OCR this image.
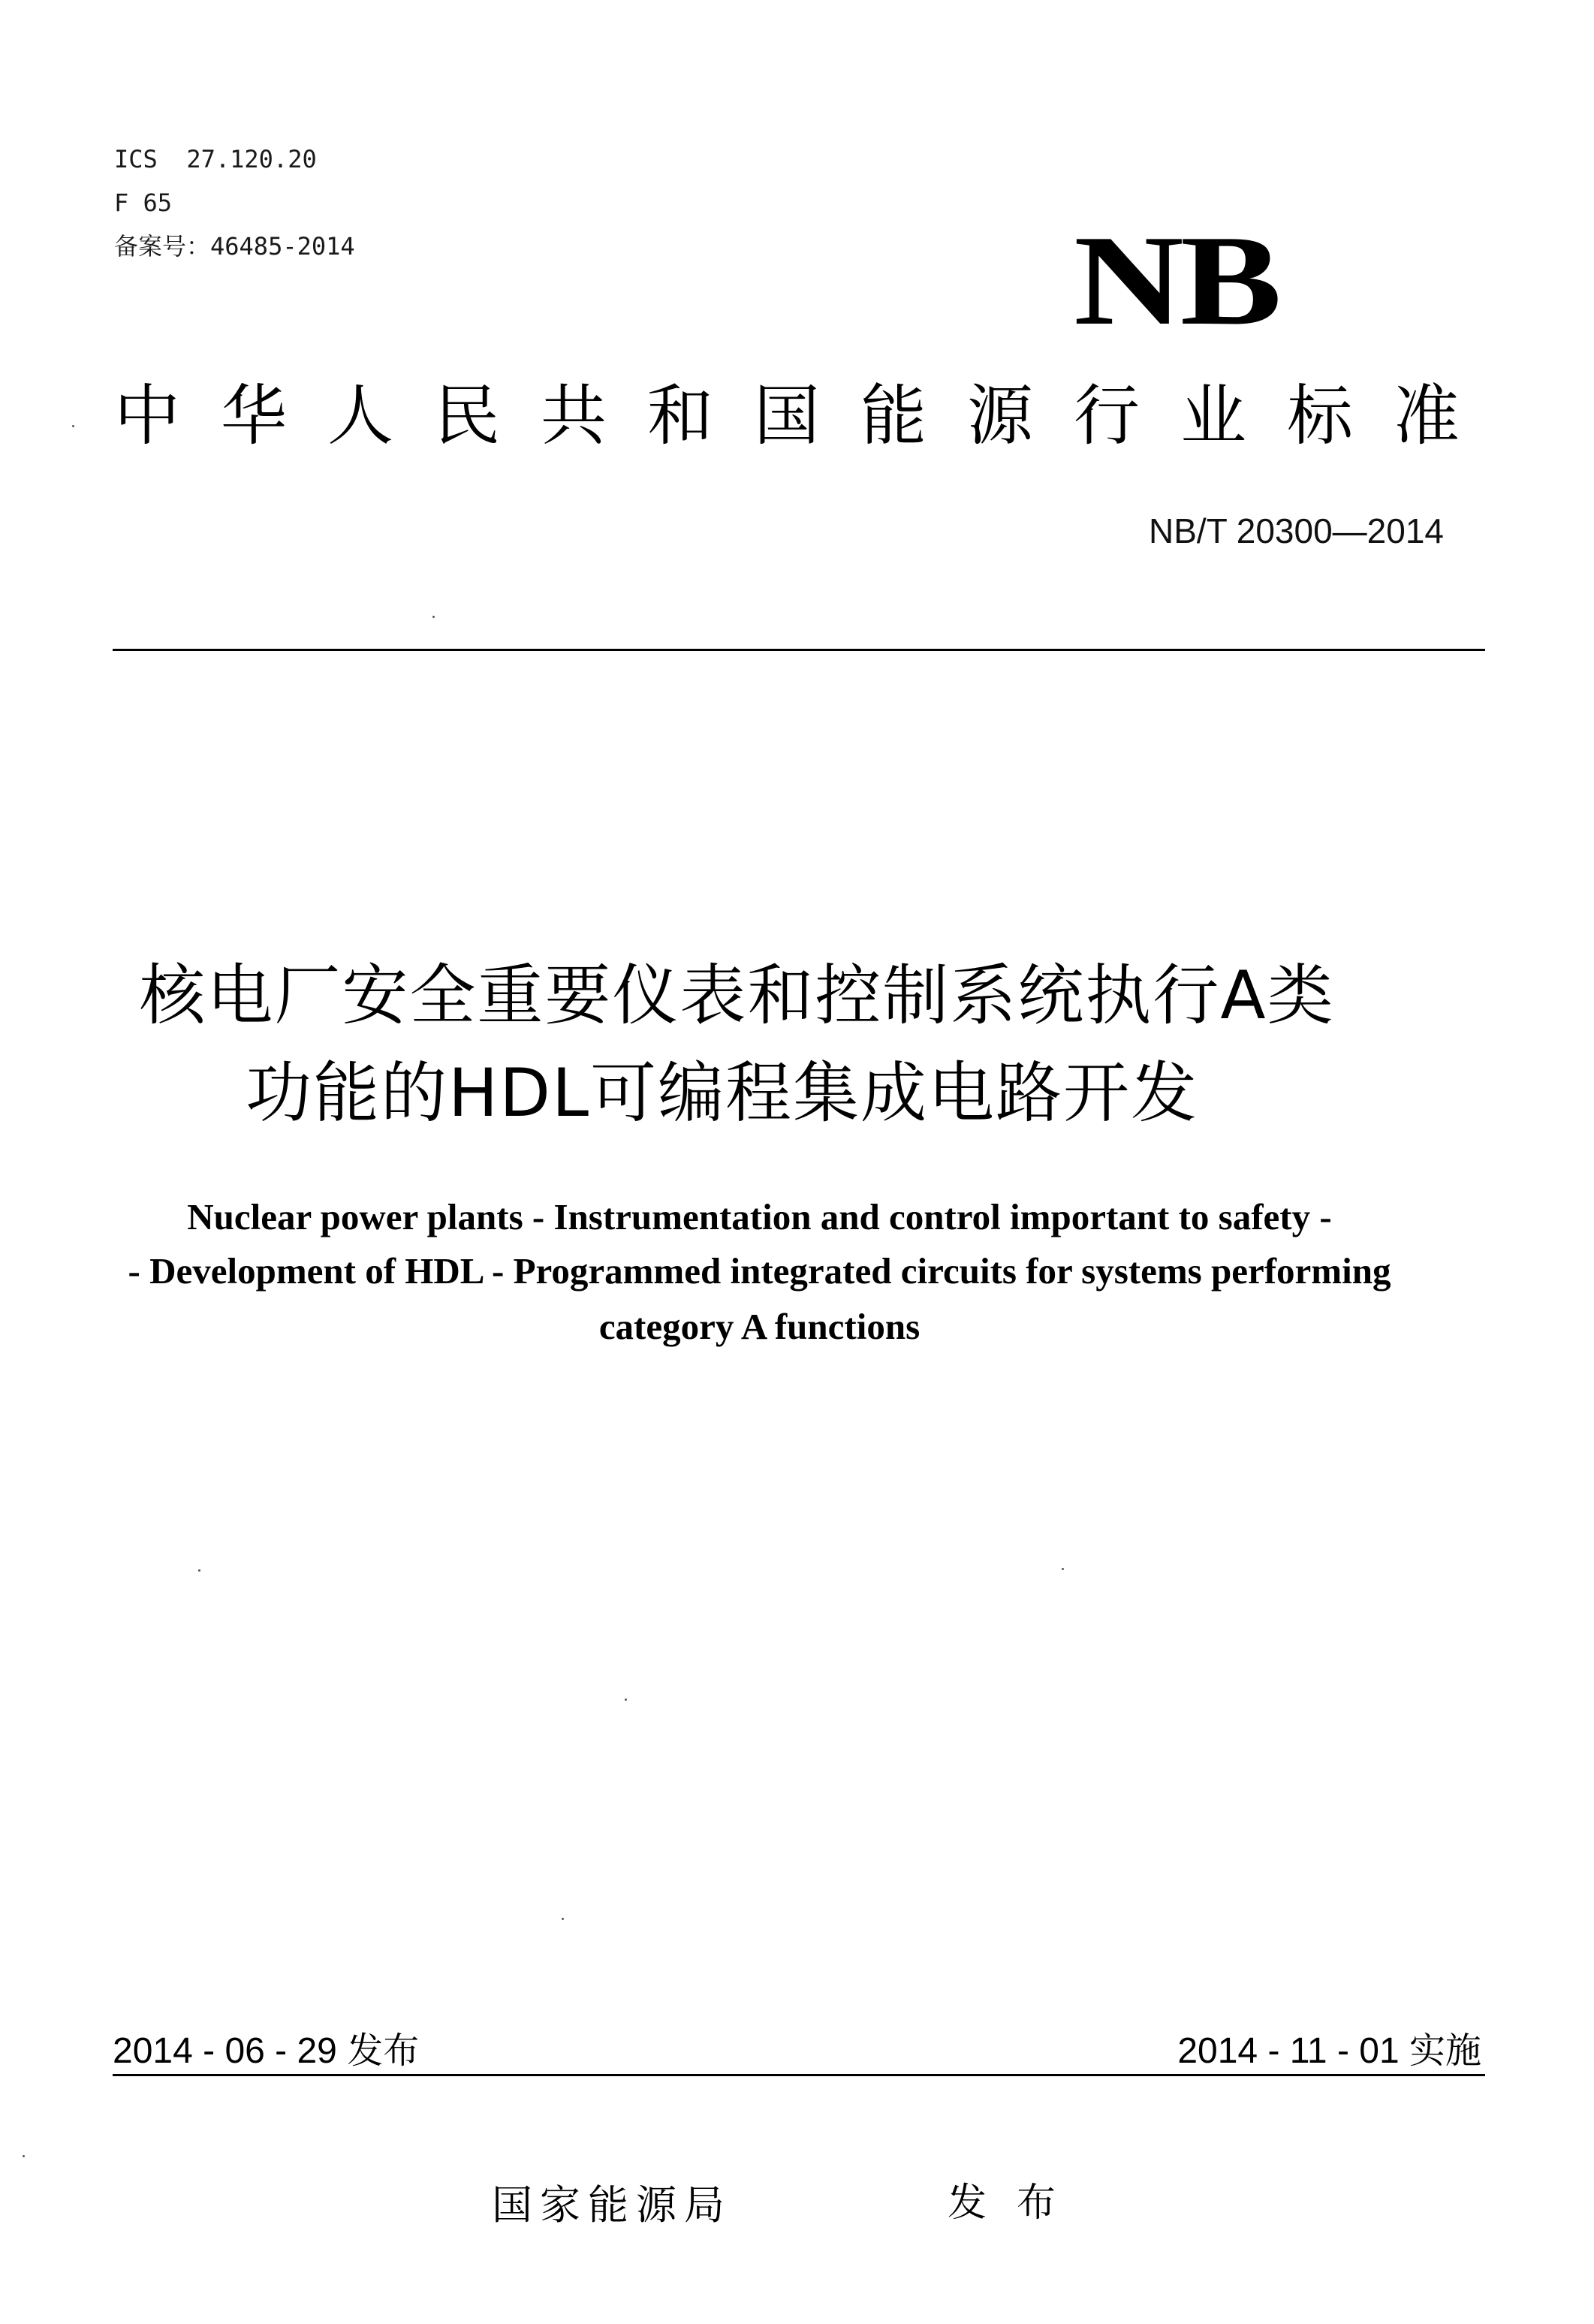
ICS  27.120.20
F 65
备案号：46485-2014	NB
中华人民共和国能源行业标准
NB/T 20300—2014
核电厂安全重要仪表和控制系统执行A类
功能的HDL可编程集成电路开发
Nuclear power plants - Instrumentation and control important to safety -
- Development of HDL - Programmed integrated circuits for systems performing
category A functions
2014 - 06 - 29 发布	2014 - 11 - 01 实施
国家能源局	发布
